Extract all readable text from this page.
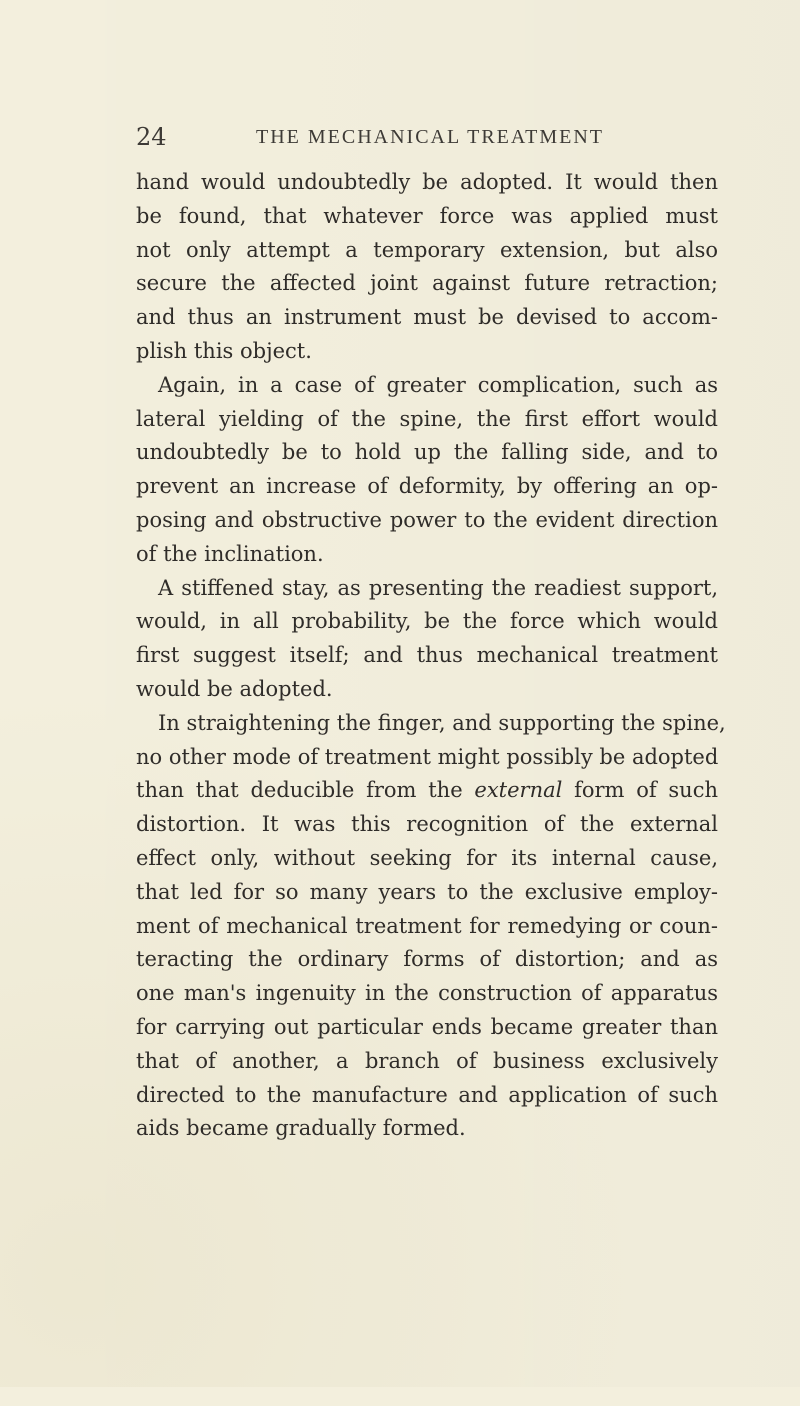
24	THE MECHANICAL TREATMENT
hand would undoubtedly be adopted. It would then
be found, that whatever force was applied must
not only attempt a temporary extension, but also
secure the affected joint against future retraction;
and thus an instrument must be devised to accom-
plish this object.
Again, in a case of greater complication, such as
lateral yielding of the spine, the first effort would
undoubtedly be to hold up the falling side, and to
prevent an increase of deformity, by offering an op-
posing and obstructive power to the evident direction
of the inclination.
A stiffened stay, as presenting the readiest support,
would, in all probability, be the force which would
first suggest itself; and thus mechanical treatment
would be adopted.
In straightening the finger, and supporting the spine,
no other mode of treatment might possibly be adopted
than that deducible from the external form of such
distortion. It was this recognition of the external
effect only, without seeking for its internal cause,
that led for so many years to the exclusive employ-
ment of mechanical treatment for remedying or coun-
teracting the ordinary forms of distortion; and as
one man's ingenuity in the construction of apparatus
for carrying out particular ends became greater than
that of another, a branch of business exclusively
directed to the manufacture and application of such
aids became gradually formed.
